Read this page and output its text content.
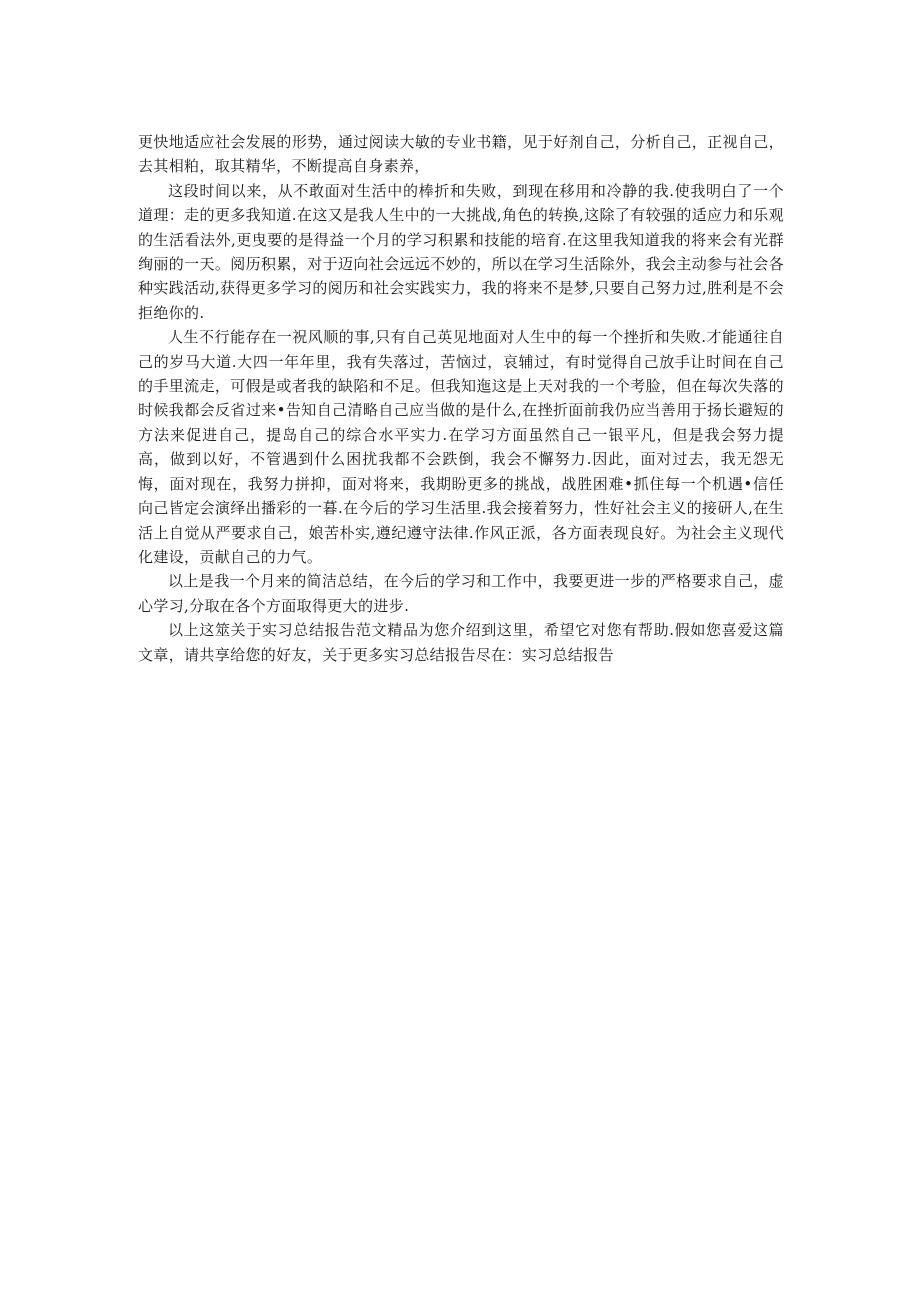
更快地适应社会发展的形势，通过阅读大敏的专业书籍，见于好剂自己，分析自己，正视自己，去其相粕，取其精华，不断提高自身素养，

这段时间以来，从不敢面对生活中的棒折和失败，到现在移用和冷静的我.使我明白了一个道理：走的更多我知道.在这又是我人生中的一大挑战,角色的转换,这除了有较强的适应力和乐观的生活看法外,更曳要的是得益一个月的学习积累和技能的培育.在这里我知道我的将来会有光群绚丽的一天。阅历积累，对于迈向社会远远不妙的，所以在学习生活除外，我会主动参与社会各种实践活动,获得更多学习的阅历和社会实践实力，我的将来不是梦,只要自己努力过,胜利是不会拒绝你的.

人生不行能存在一祝风顺的事,只有自己英见地面对人生中的每一个挫折和失败.才能通往自己的岁马大道.大四一年年里，我有失落过，苦恼过，哀辅过，有时觉得自己放手让时间在自己的手里流走，可假是或者我的缺陷和不足。但我知迤这是上天对我的一个考脸，但在每次失落的时候我都会反省过来•告知自己清略自己应当做的是什么,在挫折面前我仍应当善用于扬长避短的方法来促进自己，提岛自己的综合水平实力.在学习方面虽然自己一银平凡，但是我会努力提高，做到以好，不管遇到什么困扰我都不会跌倒，我会不懈努力.因此，面对过去，我无怨无悔，面对现在，我努力拼抑，面对将来，我期盼更多的挑战，战胜困难•抓住每一个机遇•信任向己皆定会演绎出播彩的一暮.在今后的学习生活里.我会接着努力，性好社会主义的接研人,在生活上自觉从严要求自己，娘苦朴实,遵纪遵守法律.作风正派，各方面表现良好。为社会主义现代化建设，贡献自己的力气。

以上是我一个月来的简洁总结，在今后的学习和工作中，我要更进一步的严格要求自己，虚心学习,分取在各个方面取得更大的进步.

以上这筮关于实习总结报告范文精品为您介绍到这里，希望它对您有帮助.假如您喜爱这篇文章，请共享给您的好友，关于更多实习总结报告尽在：实习总结报告
